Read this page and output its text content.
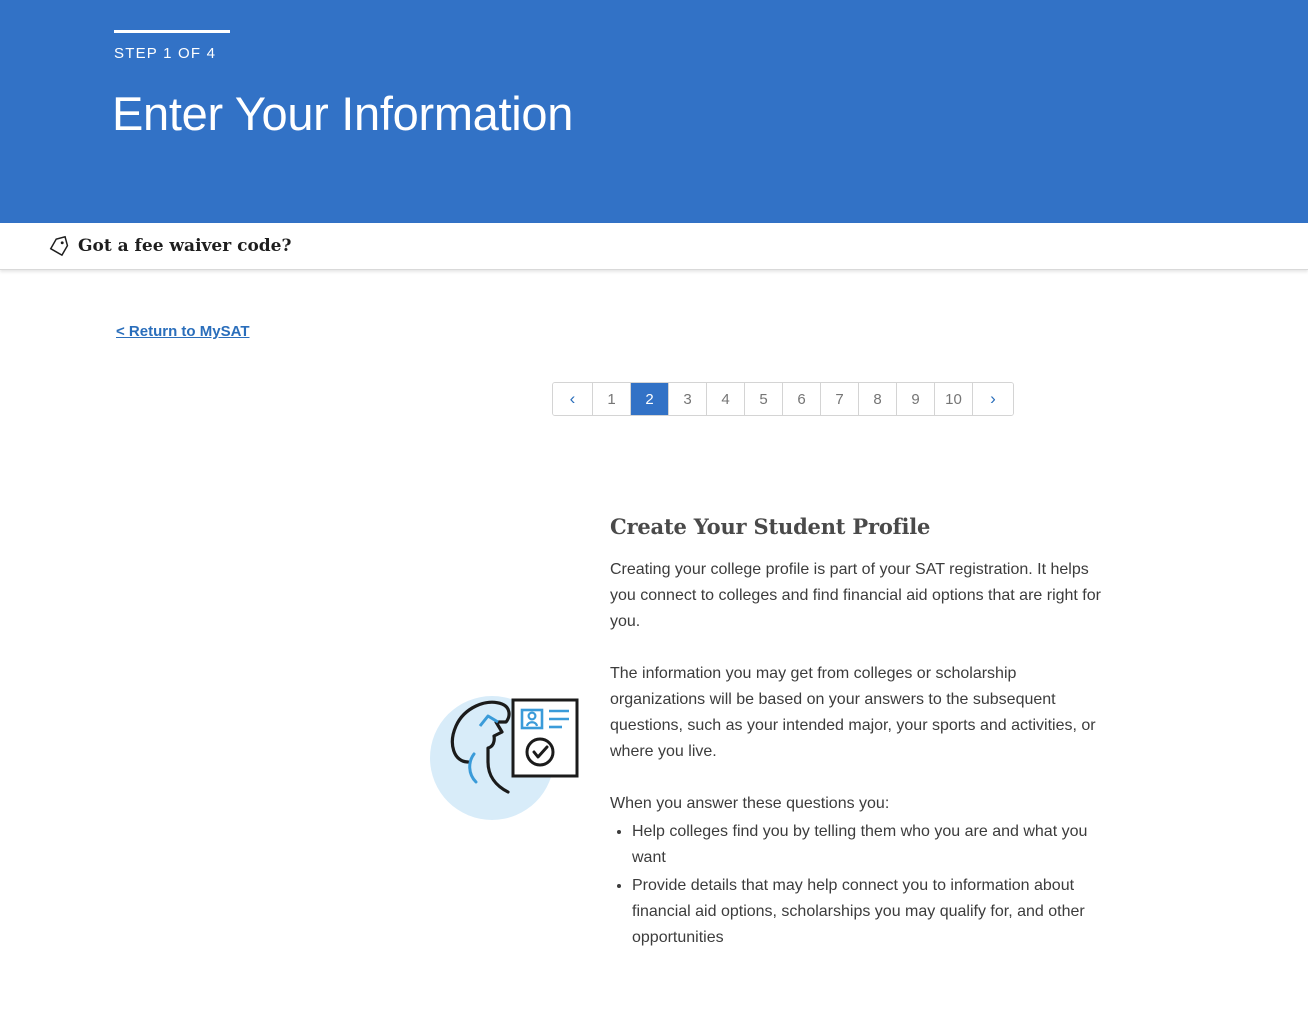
STEP 1 OF 4
Enter Your Information
Got a fee waiver code?
< Return to MySAT
‹	1	2	3	4	5	6	7	8	9	10	›
Create Your Student Profile

Creating your college profile is part of your SAT registration. It helps you connect to colleges and find financial aid options that are right for you.

The information you may get from colleges or scholarship organizations will be based on your answers to the subsequent questions, such as your intended major, your sports and activities, or where you live.

When you answer these questions you:

• Help colleges find you by telling them who you are and what you want
• Provide details that may help connect you to information about financial aid options, scholarships you may qualify for, and other opportunities
